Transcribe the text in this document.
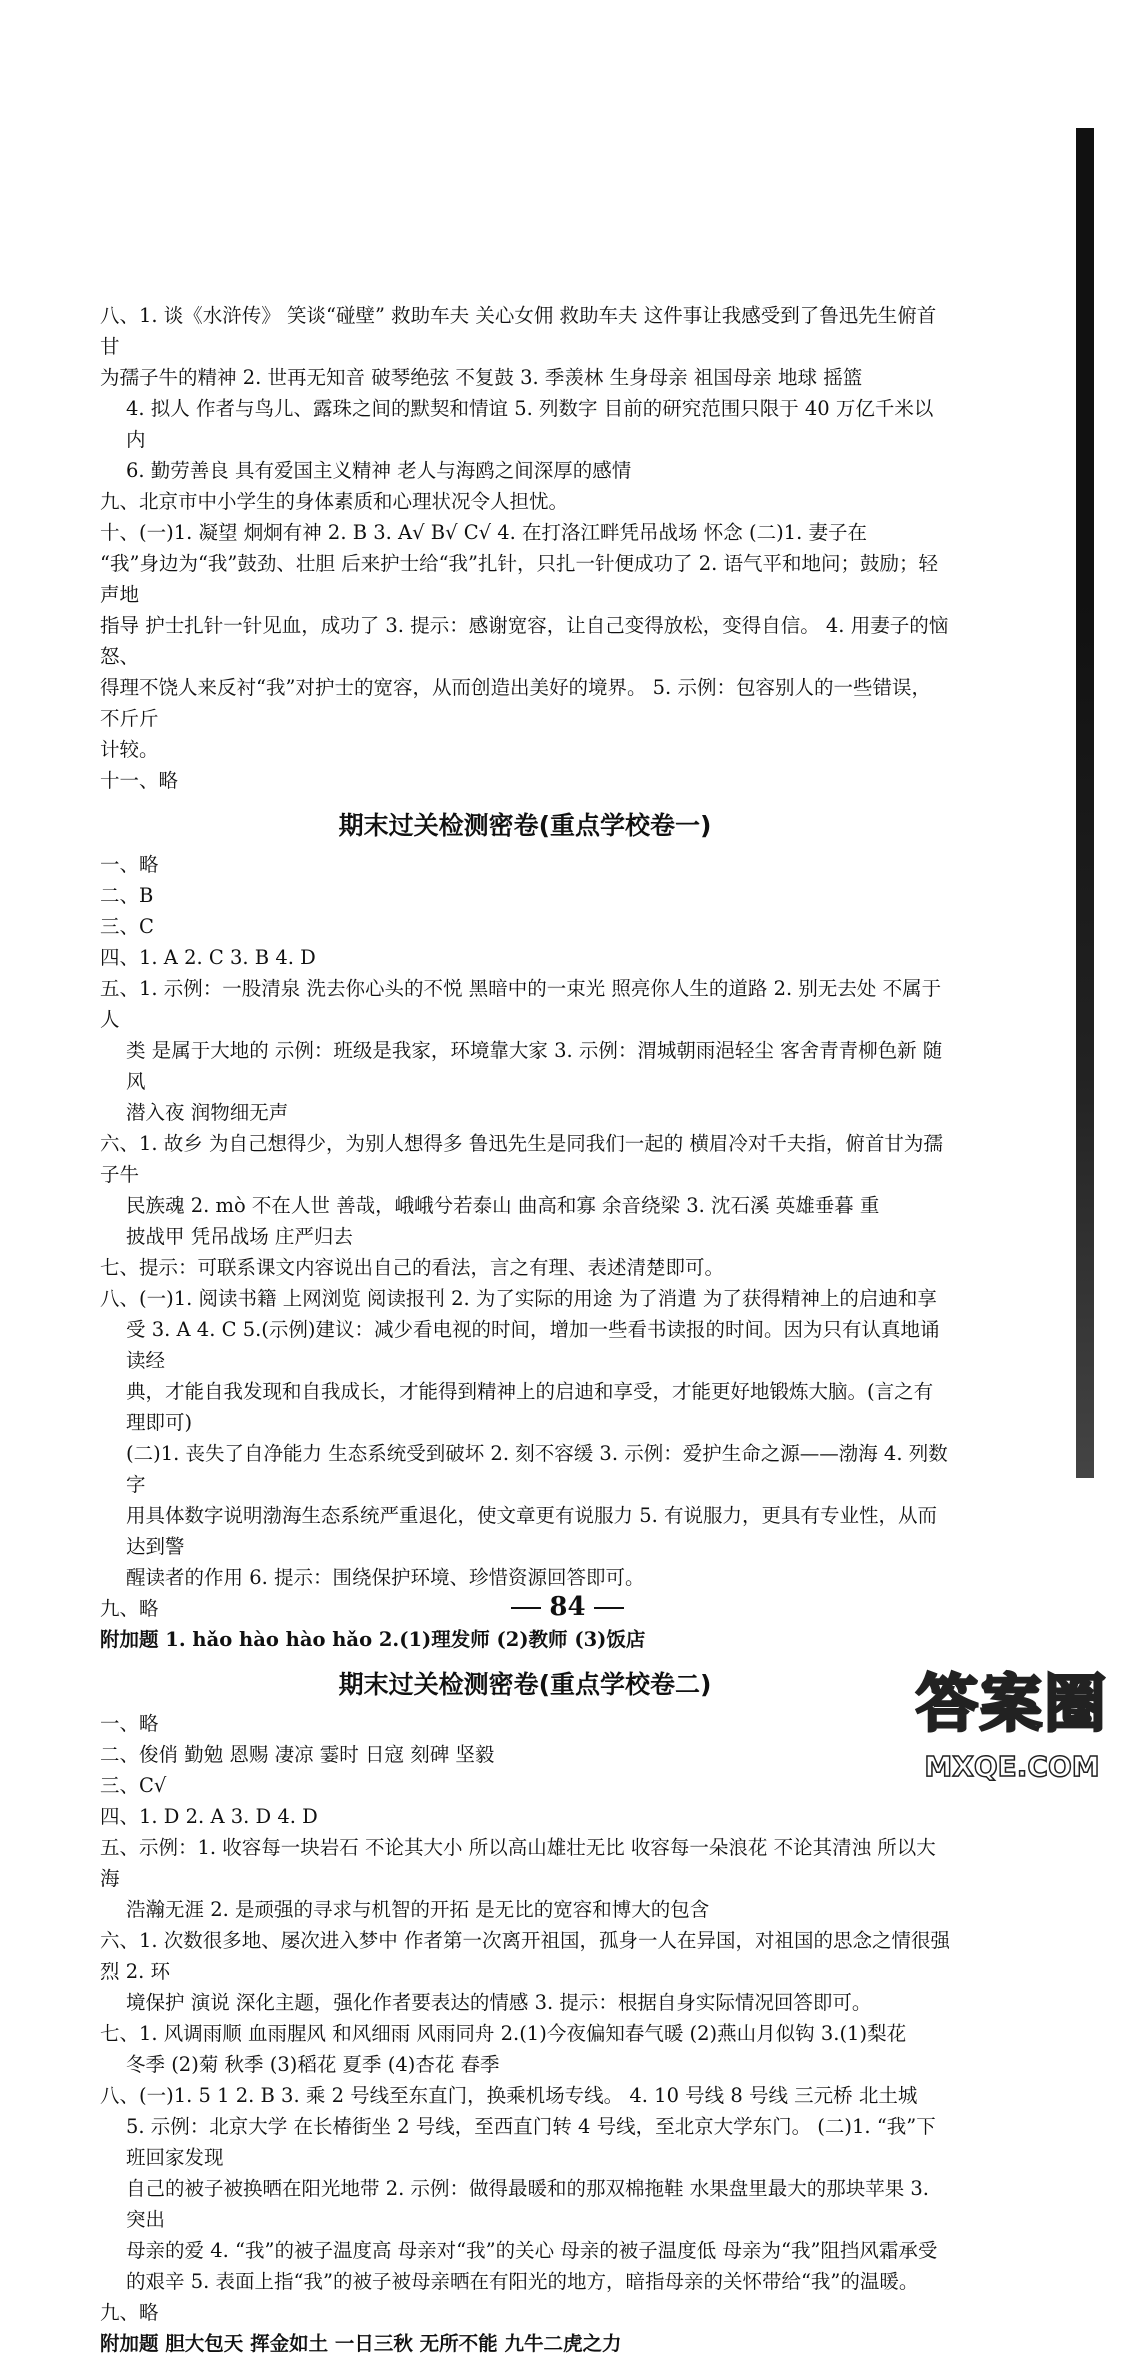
八、1. 谈《水浒传》 笑谈“碰壁” 救助车夫 关心女佣 救助车夫 这件事让我感受到了鲁迅先生俯首甘

为孺子牛的精神 2. 世再无知音 破琴绝弦 不复鼓 3. 季羡林 生身母亲 祖国母亲 地球 摇篮

4. 拟人 作者与鸟儿、露珠之间的默契和情谊 5. 列数字 目前的研究范围只限于 40 万亿千米以内

6. 勤劳善良 具有爱国主义精神 老人与海鸥之间深厚的感情

九、北京市中小学生的身体素质和心理状况令人担忧。

十、(一)1. 凝望 炯炯有神 2. B 3. A√ B√ C√ 4. 在打洛江畔凭吊战场 怀念 (二)1. 妻子在

“我”身边为“我”鼓劲、壮胆 后来护士给“我”扎针，只扎一针便成功了 2. 语气平和地问；鼓励；轻声地

指导 护士扎针一针见血，成功了 3. 提示：感谢宽容，让自己变得放松，变得自信。 4. 用妻子的恼怒、

得理不饶人来反衬“我”对护士的宽容，从而创造出美好的境界。 5. 示例：包容别人的一些错误，不斤斤

计较。

十一、略

期末过关检测密卷(重点学校卷一)

一、略

二、B

三、C

四、1. A 2. C 3. B 4. D

五、1. 示例：一股清泉 洗去你心头的不悦 黑暗中的一束光 照亮你人生的道路 2. 别无去处 不属于人

类 是属于大地的 示例：班级是我家，环境靠大家 3. 示例：渭城朝雨浥轻尘 客舍青青柳色新 随风

潜入夜 润物细无声

六、1. 故乡 为自己想得少，为别人想得多 鲁迅先生是同我们一起的 横眉冷对千夫指，俯首甘为孺子牛

民族魂 2. mò 不在人世 善哉，峨峨兮若泰山 曲高和寡 余音绕梁 3. 沈石溪 英雄垂暮 重

披战甲 凭吊战场 庄严归去

七、提示：可联系课文内容说出自己的看法，言之有理、表述清楚即可。

八、(一)1. 阅读书籍 上网浏览 阅读报刊 2. 为了实际的用途 为了消遣 为了获得精神上的启迪和享

受 3. A 4. C 5.(示例)建议：减少看电视的时间，增加一些看书读报的时间。因为只有认真地诵读经

典，才能自我发现和自我成长，才能得到精神上的启迪和享受，才能更好地锻炼大脑。(言之有理即可)

(二)1. 丧失了自净能力 生态系统受到破坏 2. 刻不容缓 3. 示例：爱护生命之源——渤海 4. 列数字

用具体数字说明渤海生态系统严重退化，使文章更有说服力 5. 有说服力，更具有专业性，从而达到警

醒读者的作用 6. 提示：围绕保护环境、珍惜资源回答即可。

九、略

附加题 1. hǎo hào hào hǎo 2.(1)理发师 (2)教师 (3)饭店

期末过关检测密卷(重点学校卷二)

一、略

二、俊俏 勤勉 恩赐 凄凉 霎时 日寇 刻碑 坚毅

三、C√

四、1. D 2. A 3. D 4. D

五、示例：1. 收容每一块岩石 不论其大小 所以高山雄壮无比 收容每一朵浪花 不论其清浊 所以大海

浩瀚无涯 2. 是顽强的寻求与机智的开拓 是无比的宽容和博大的包含

六、1. 次数很多地、屡次进入梦中 作者第一次离开祖国，孤身一人在异国，对祖国的思念之情很强烈 2. 环

境保护 演说 深化主题，强化作者要表达的情感 3. 提示：根据自身实际情况回答即可。

七、1. 风调雨顺 血雨腥风 和风细雨 风雨同舟 2.(1)今夜偏知春气暖 (2)燕山月似钩 3.(1)梨花

冬季 (2)菊 秋季 (3)稻花 夏季 (4)杏花 春季

八、(一)1. 5 1 2. B 3. 乘 2 号线至东直门，换乘机场专线。 4. 10 号线 8 号线 三元桥 北土城

5. 示例：北京大学 在长椿街坐 2 号线，至西直门转 4 号线，至北京大学东门。 (二)1. “我”下班回家发现

自己的被子被换晒在阳光地带 2. 示例：做得最暖和的那双棉拖鞋 水果盘里最大的那块苹果 3. 突出

母亲的爱 4. “我”的被子温度高 母亲对“我”的关心 母亲的被子温度低 母亲为“我”阻挡风霜承受

的艰辛 5. 表面上指“我”的被子被母亲晒在有阳光的地方，暗指母亲的关怀带给“我”的温暖。

九、略

附加题 胆大包天 挥金如土 一日三秋 无所不能 九牛二虎之力

84
答案圈
MXQE.COM
